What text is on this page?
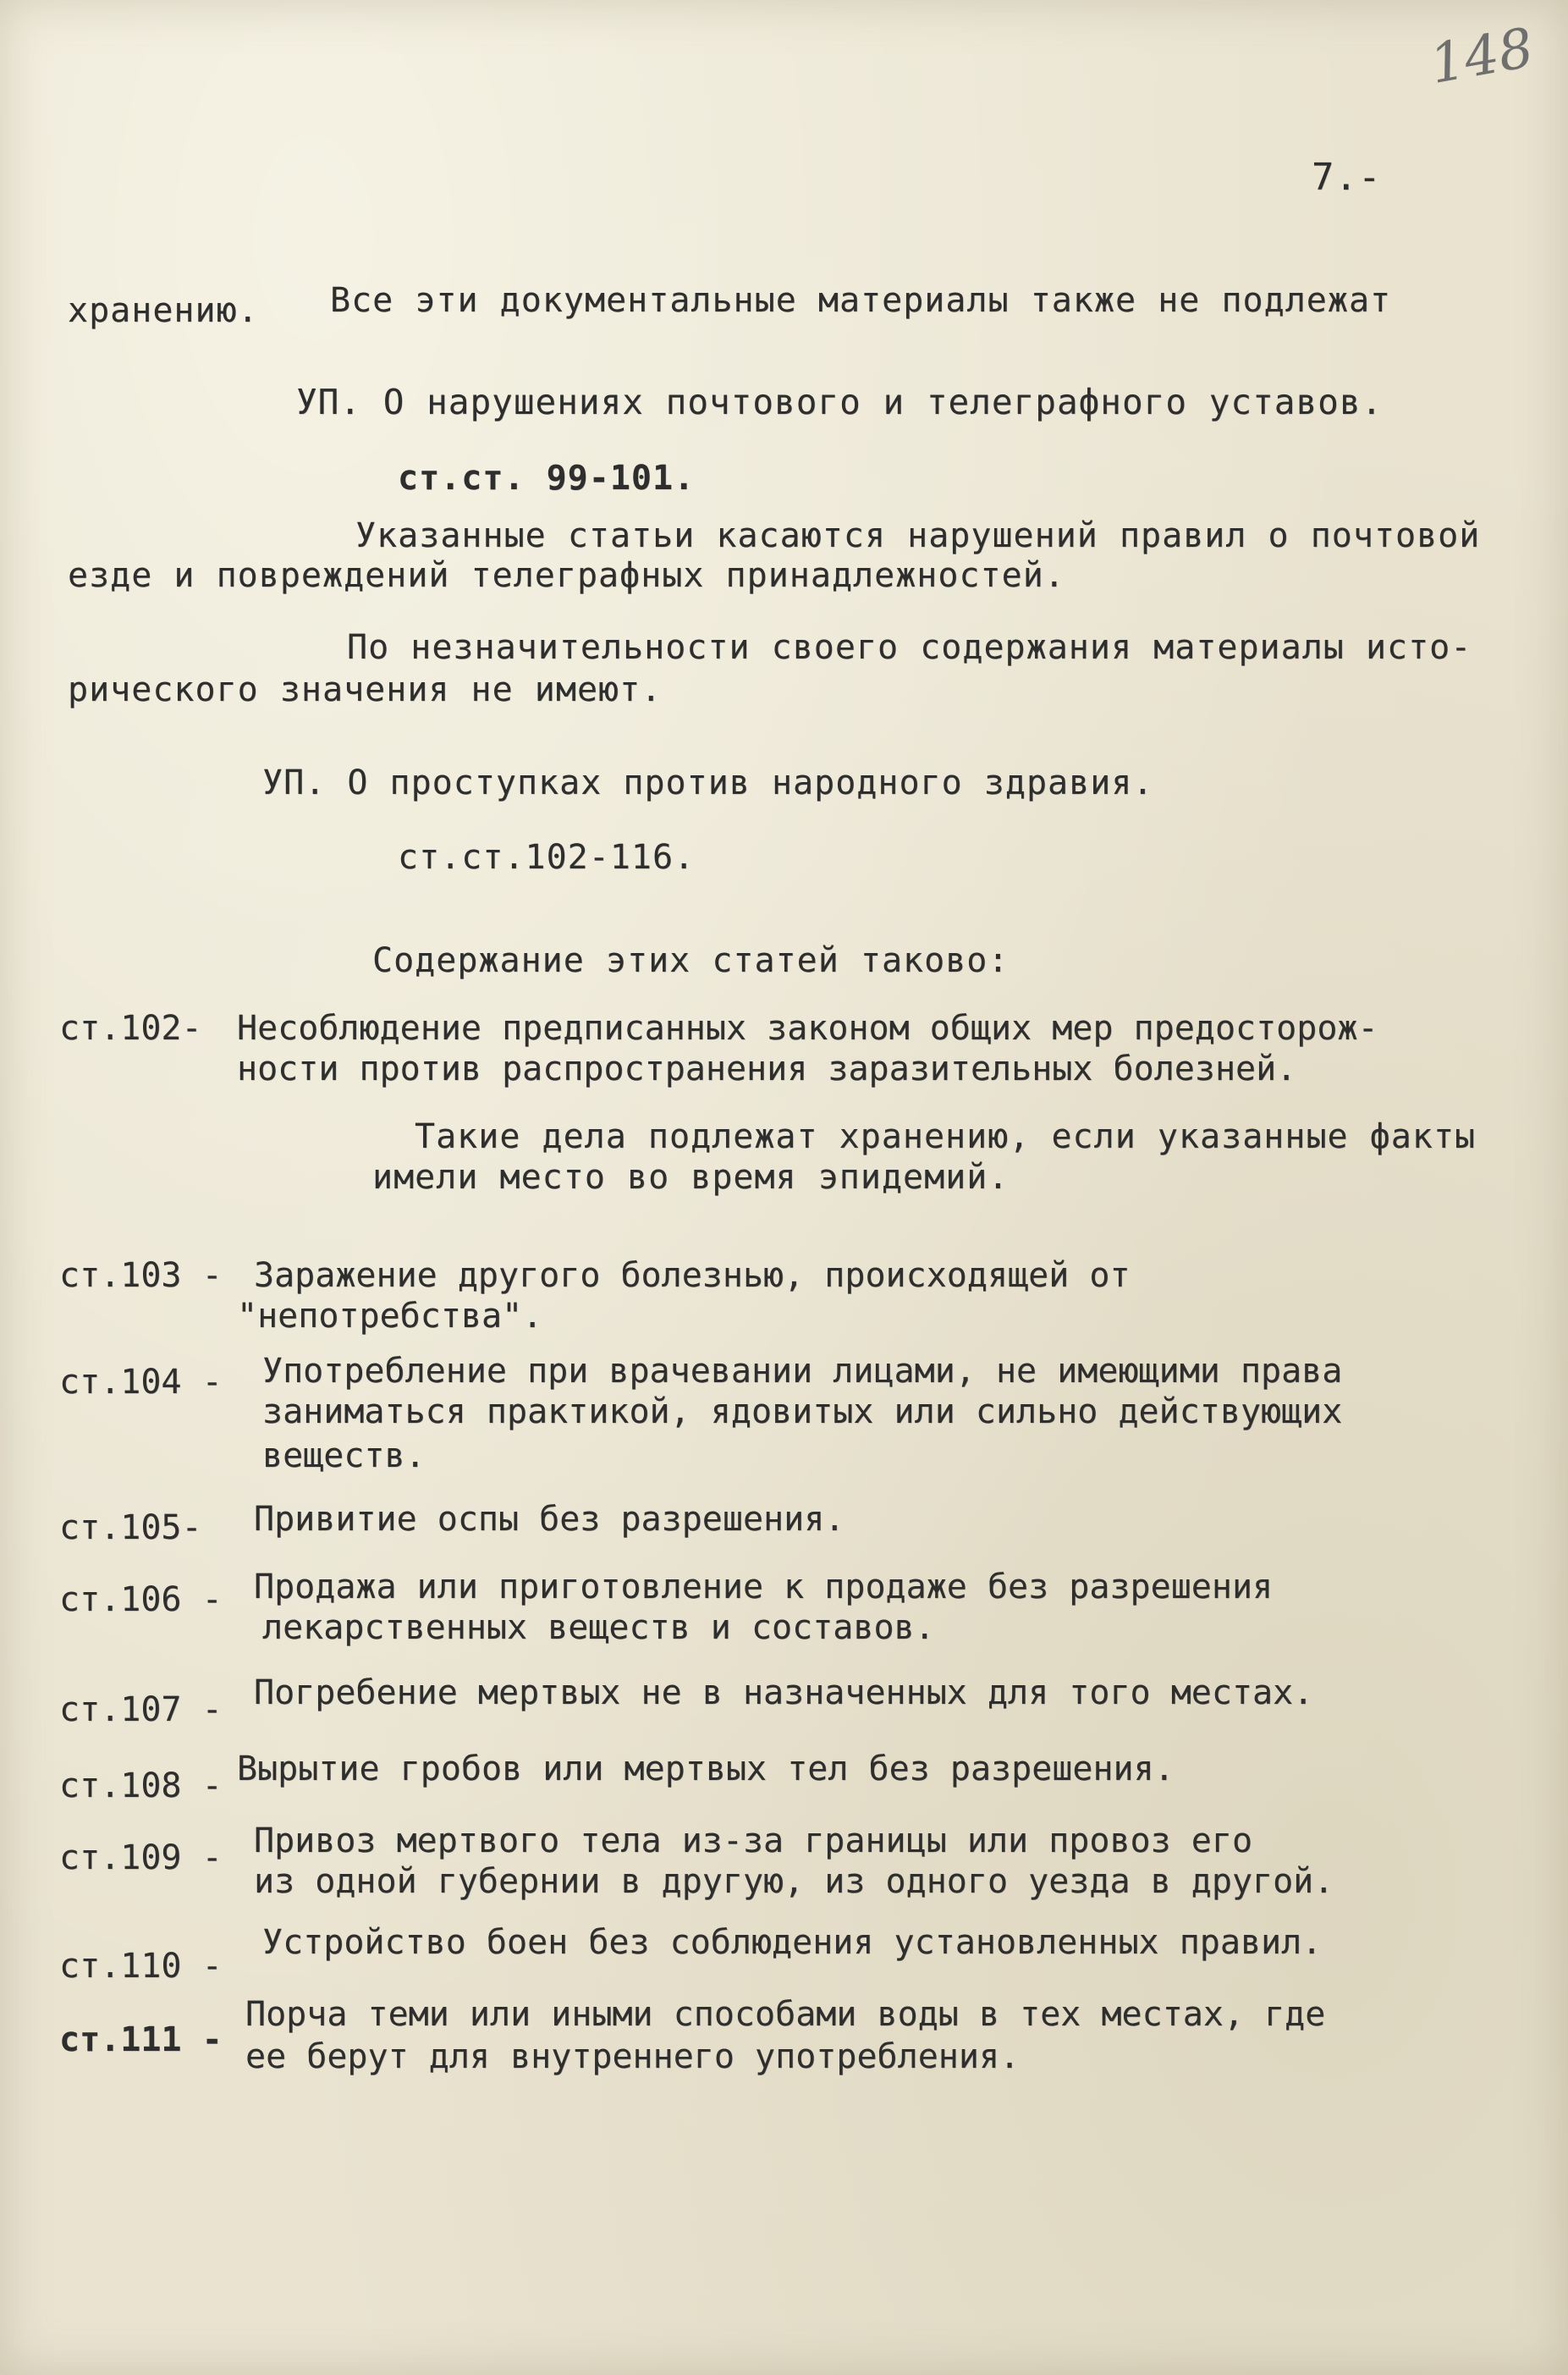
148
7.-
Все эти документальные материалы также не подлежат
хранению.
УП. О нарушениях почтового и телеграфного уставов.
ст.ст. 99-101.
Указанные статьи касаются нарушений правил о почтовой
езде и повреждений телеграфных принадлежностей.
По незначительности своего содержания материалы исто-
рического значения не имеют.
УП. О проступках против народного здравия.
ст.ст.102-116.
Содержание этих статей таково:
ст.102- Несоблюдение предписанных законом общих мер предосторож-
ности против распространения заразительных болезней.
Такие дела подлежат хранению, если указанные факты
имели место во время эпидемий.
ст.103 - Заражение другого болезнью, происходящей от
"непотребства".
ст.104 - Употребление при врачевании лицами, не имеющими права
заниматься практикой, ядовитых или сильно действующих
веществ.
ст.105- Привитие оспы без разрешения.
ст.106 - Продажа или приготовление к продаже без разрешения
лекарственных веществ и составов.
ст.107 - Погребение мертвых не в назначенных для того местах.
ст.108 - Вырытие гробов или мертвых тел без разрешения.
ст.109 - Привоз мертвого тела из-за границы или провоз его
из одной губернии в другую, из одного уезда в другой.
ст.110 -
Устройство боен без соблюдения установленных правил.
ст.111 -
Порча теми или иными способами воды в тех местах, где
ее берут для внутреннего употребления.
